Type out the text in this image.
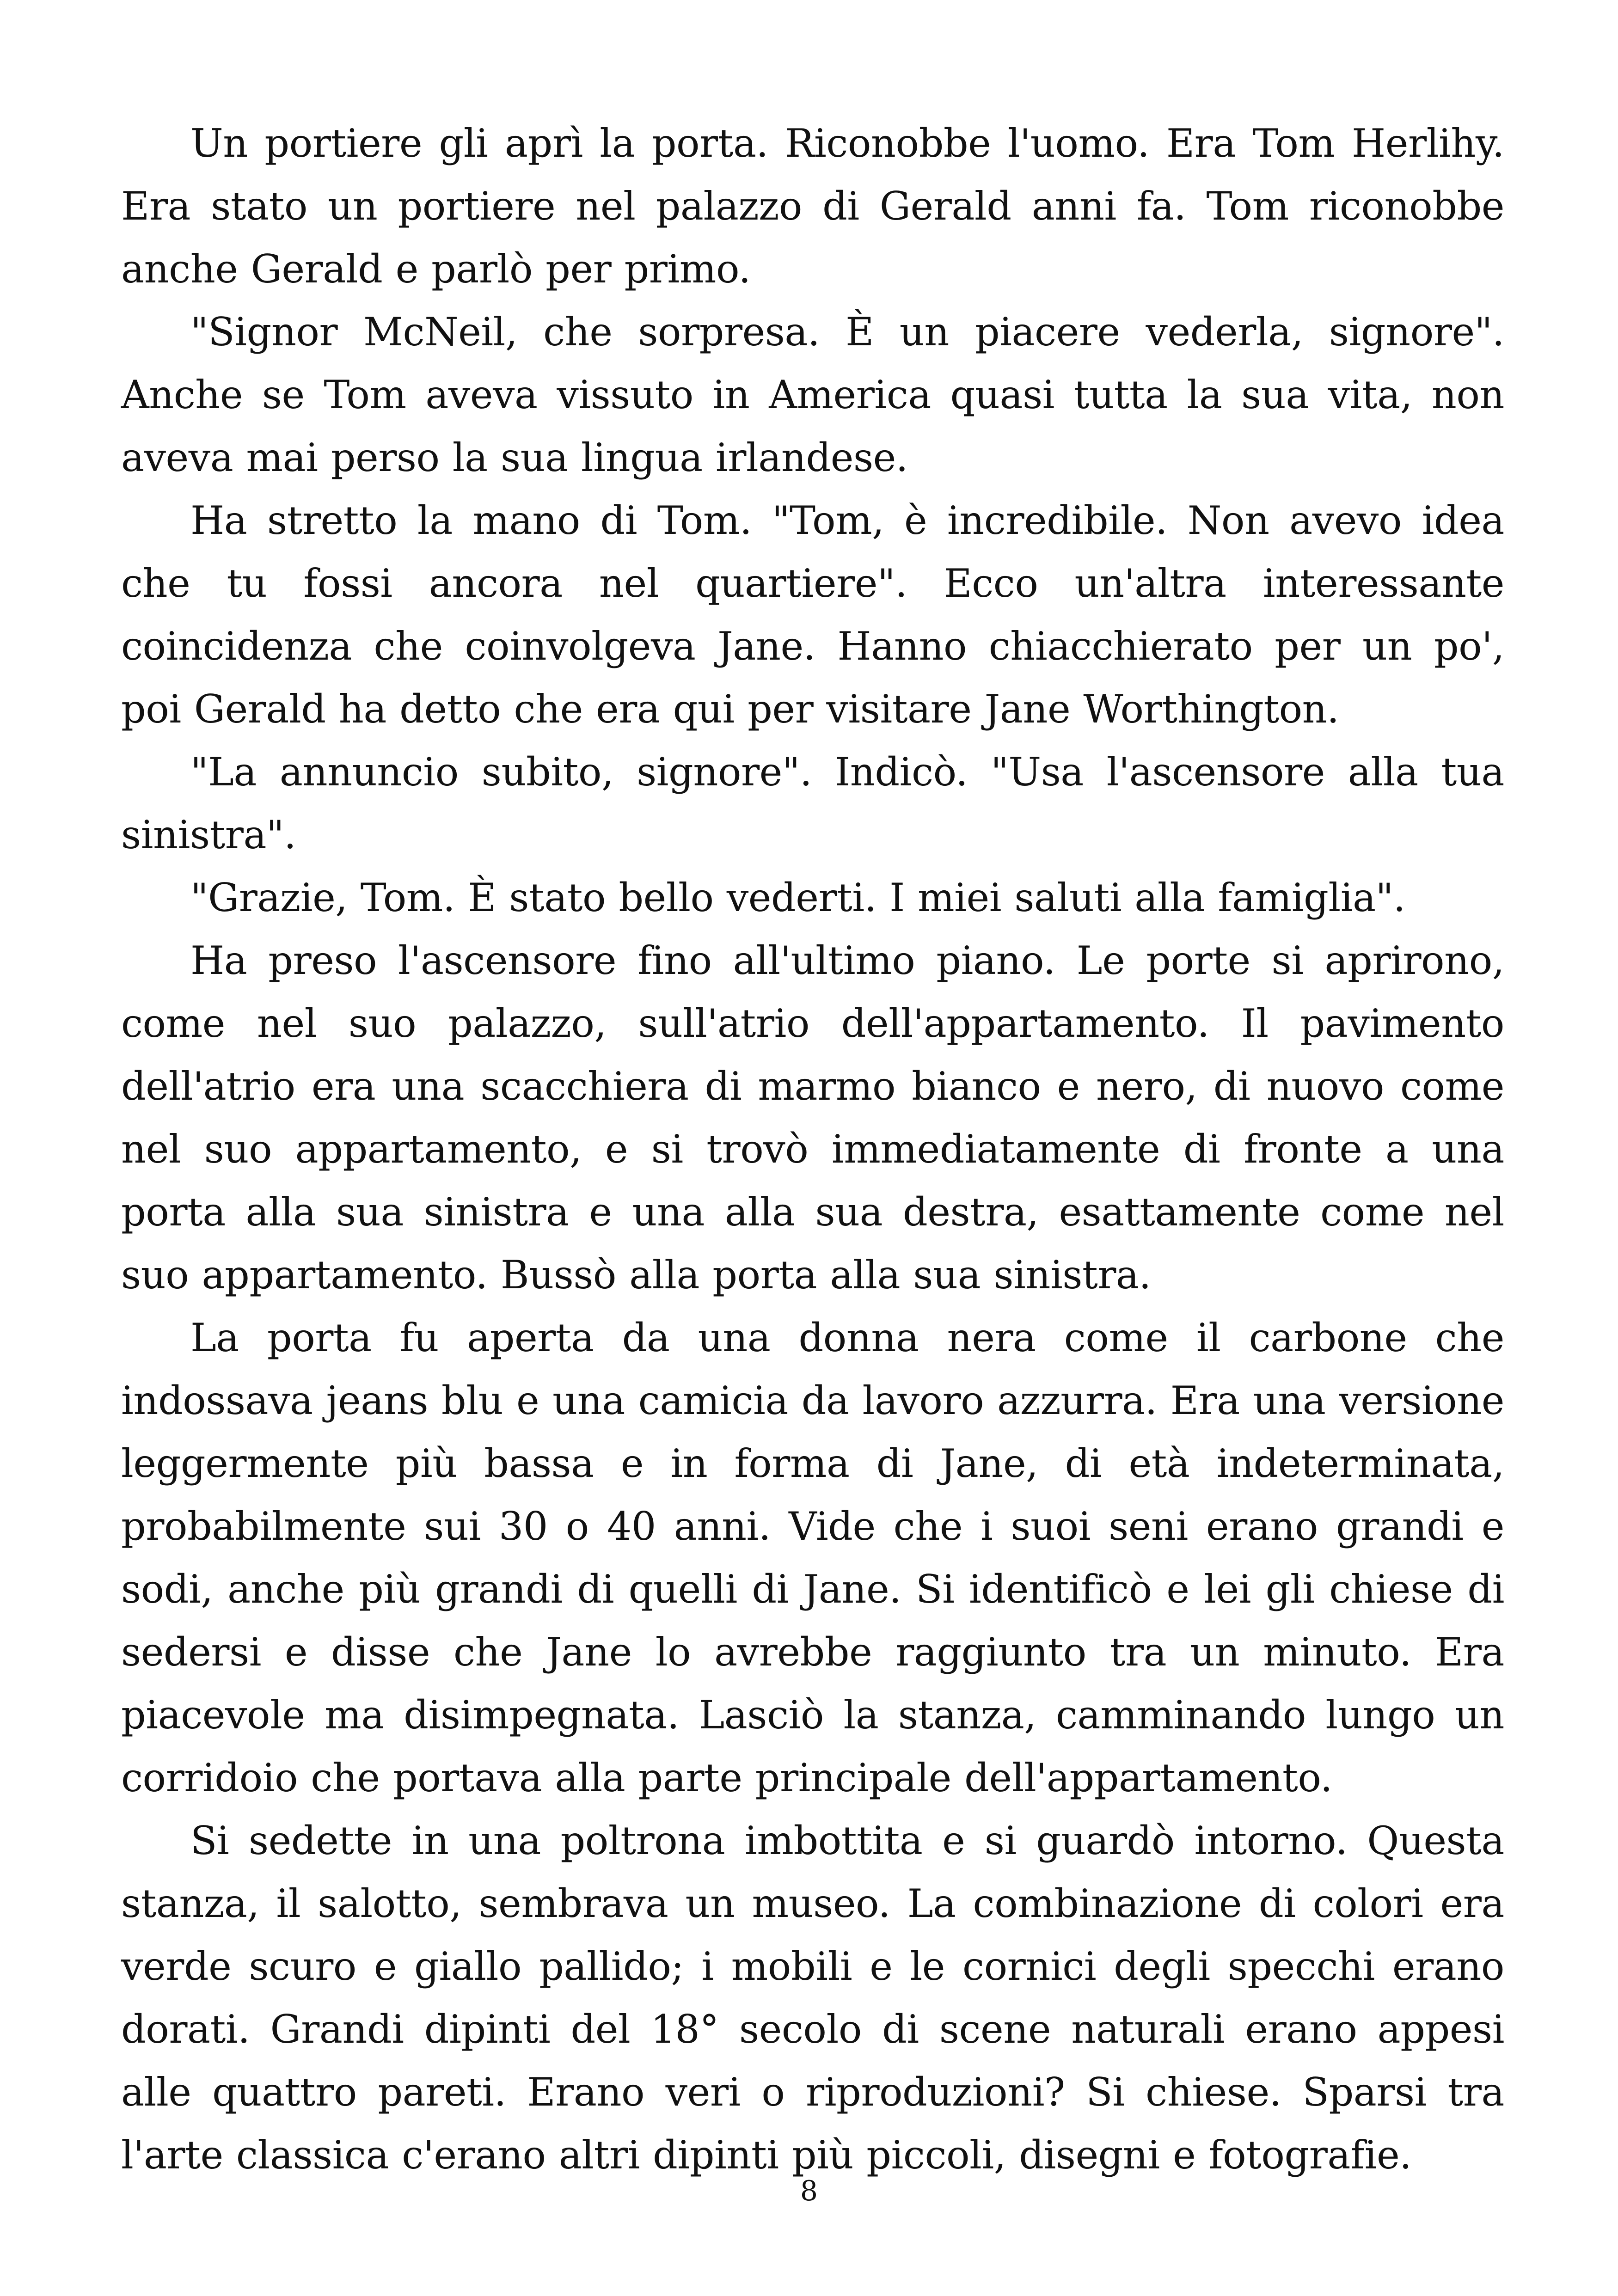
Un portiere gli aprì la porta. Riconobbe l'uomo. Era Tom Herlihy. Era stato un portiere nel palazzo di Gerald anni fa. Tom riconobbe anche Gerald e parlò per primo.

"Signor McNeil, che sorpresa. È un piacere vederla, signore". Anche se Tom aveva vissuto in America quasi tutta la sua vita, non aveva mai perso la sua lingua irlandese.

Ha stretto la mano di Tom. "Tom, è incredibile. Non avevo idea che tu fossi ancora nel quartiere". Ecco un'altra interessante coincidenza che coinvolgeva Jane. Hanno chiacchierato per un po', poi Gerald ha detto che era qui per visitare Jane Worthington.

"La annuncio subito, signore". Indicò. "Usa l'ascensore alla tua sinistra".

"Grazie, Tom. È stato bello vederti. I miei saluti alla famiglia".

Ha preso l'ascensore fino all'ultimo piano. Le porte si aprirono, come nel suo palazzo, sull'atrio dell'appartamento. Il pavimento dell'atrio era una scacchiera di marmo bianco e nero, di nuovo come nel suo appartamento, e si trovò immediatamente di fronte a una porta alla sua sinistra e una alla sua destra, esattamente come nel suo appartamento. Bussò alla porta alla sua sinistra.

La porta fu aperta da una donna nera come il carbone che indossava jeans blu e una camicia da lavoro azzurra. Era una versione leggermente più bassa e in forma di Jane, di età indeterminata, probabilmente sui 30 o 40 anni. Vide che i suoi seni erano grandi e sodi, anche più grandi di quelli di Jane. Si identificò e lei gli chiese di sedersi e disse che Jane lo avrebbe raggiunto tra un minuto. Era piacevole ma disimpegnata. Lasciò la stanza, camminando lungo un corridoio che portava alla parte principale dell'appartamento.

Si sedette in una poltrona imbottita e si guardò intorno. Questa stanza, il salotto, sembrava un museo. La combinazione di colori era verde scuro e giallo pallido; i mobili e le cornici degli specchi erano dorati. Grandi dipinti del 18° secolo di scene naturali erano appesi alle quattro pareti. Erano veri o riproduzioni? Si chiese. Sparsi tra l'arte classica c'erano altri dipinti più piccoli, disegni e fotografie.

8
